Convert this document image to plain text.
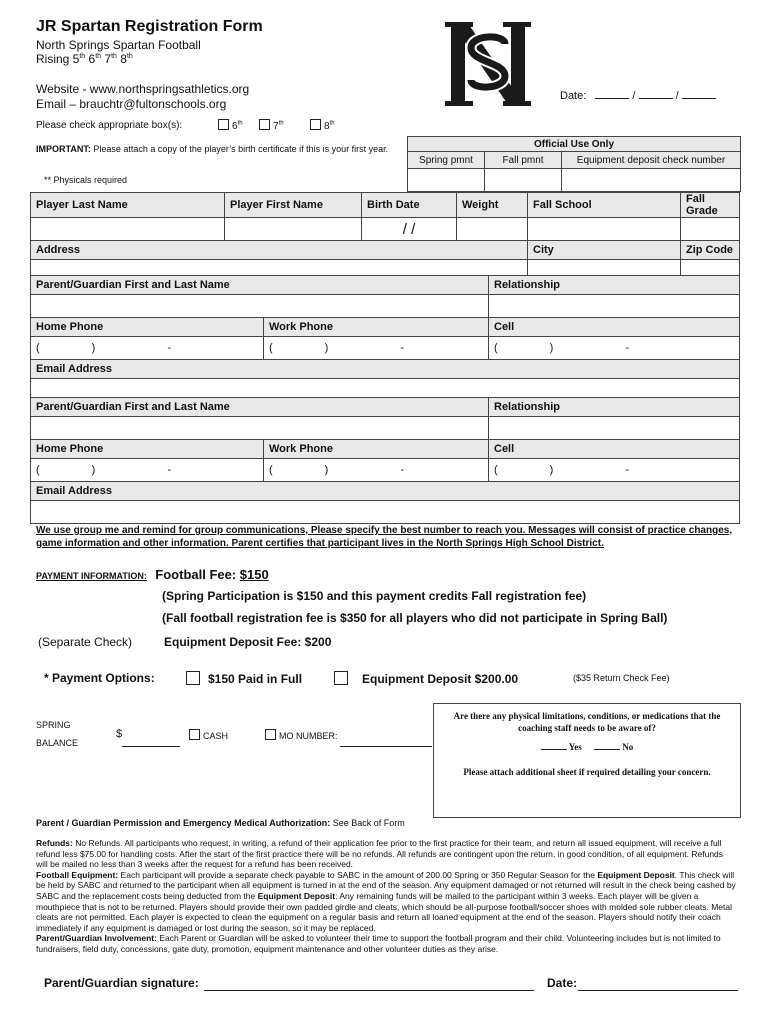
JR Spartan Registration Form
North Springs Spartan Football
Rising 5th 6th 7th 8th
Website - www.northspringsathletics.org
Email – brauchtr@fultonschools.org
Date:	/	/
Please check appropriate box(s):	6th	7th	8th
IMPORTANT: Please attach a copy of the player’s birth certificate if this is your first year.
** Physicals required
Official Use Only		
Spring pmnt	Fall pmnt	Equipment deposit check number

Player Last Name	Player First Name	Birth Date	Weight	Fall School	Fall Grade
		/ /			
Address				City	Zip Code

Parent/Guardian First and Last Name		Relationship

Home Phone	Work Phone	Cell
( ) -	( ) -	( ) -
Email Address		

Parent/Guardian First and Last Name		Relationship

Home Phone	Work Phone	Cell
( ) -	( ) -	( ) -
Email Address		

We use group me and remind for group communications, Please specify the best number to reach you. Messages will consist of practice changes, game information and other information. Parent certifies that participant lives in the North Springs High School District.
PAYMENT INFORMATION: Football Fee: $150
(Spring Participation is $150 and this payment credits Fall registration fee)
(Fall football registration fee is $350 for all players who did not participate in Spring Ball)
(Separate Check)	Equipment Deposit Fee: $200
* Payment Options:	$150 Paid in Full	Equipment Deposit $200.00	($35 Return Check Fee)
SPRING
BALANCE
$	CASH	MO NUMBER:
Are there any physical limitations, conditions, or medications that the coaching staff needs to be aware of?
Yes	No
Please attach additional sheet if required detailing your concern.
Parent / Guardian Permission and Emergency Medical Authorization: See Back of Form
Refunds: No Refunds. All participants who request, in writing, a refund of their application fee prior to the first practice for their team, and return all issued equipment, will receive a full refund less $75.00 for handling costs. After the start of the first practice there will be no refunds. All refunds are contingent upon the return, in good condition, of all equipment. Refunds will be mailed no less than 3 weeks after the request for a refund has been received.
Football Equipment: Each participant will provide a separate check payable to SABC in the amount of 200.00 Spring or 350 Regular Season for the Equipment Deposit. This check will be held by SABC and returned to the participant when all equipment is turned in at the end of the season. Any equipment damaged or not returned will result in the check being cashed by SABC and the replacement costs being deducted from the Equipment Deposit: Any remaining funds will be mailed to the participant within 3 weeks. Each player will be given a mouthpiece that is not to be returned. Players should provide their own padded girdle and cleats, which should be all-purpose football/soccer shoes with molded sole rubber cleats. Metal cleats are not permitted. Each player is expected to clean the equipment on a regular basis and return all loaned equipment at the end of the season. Players should notify their coach immediately if any equipment is damaged or lost during the season, so it may be replaced.
Parent/Guardian Involvement: Each Parent or Guardian will be asked to volunteer their time to support the football program and their child. Volunteering includes but is not limited to fundraisers, field duty, concessions, gate duty, promotion, equipment maintenance and other volunteer duties as they arise.
Parent/Guardian signature:	Date:
